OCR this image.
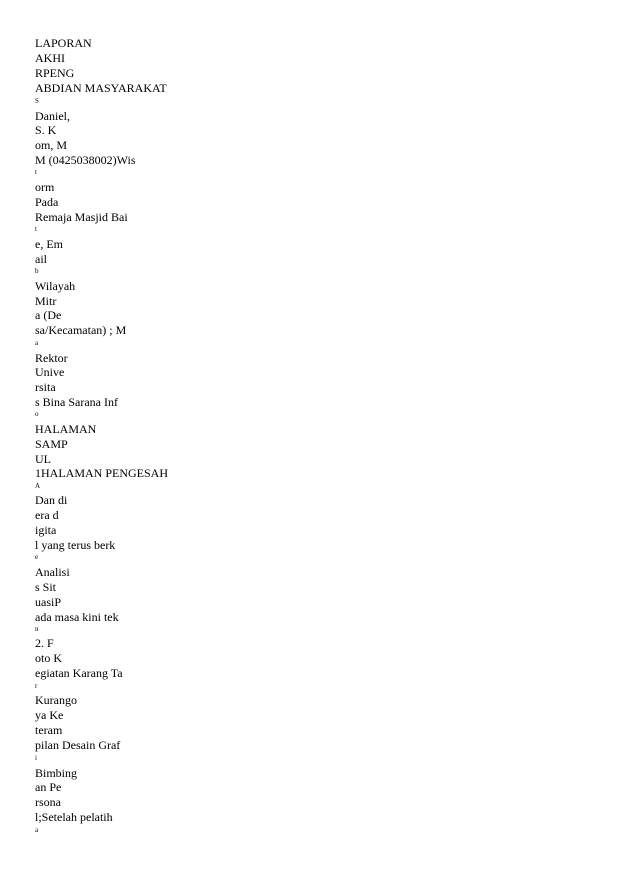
LAPORAN
AKHI
RPENG
ABDIAN MASYARAKAT
S
Daniel,
S. K
om, M
M (0425038002)Wis
t
orm
Pada
Remaja Masjid Bai
t
e, Em
ail
b
Wilayah
Mitr
a (De
sa/Kecamatan) ; M
a
Rektor
Unive
rsita
s Bina Sarana Inf
o
HALAMAN
SAMP
UL
1HALAMAN PENGESAH
A
Dan di
era d
igita
l yang terus berk
e
Analisi
s Sit
uasiP
ada masa kini tek
n
2. F
oto K
egiatan Karang Ta
r
Kurango
ya Ke
teram
pilan Desain Graf
i
Bimbing
an Pe
rsona
l;Setelah pelatih
a
